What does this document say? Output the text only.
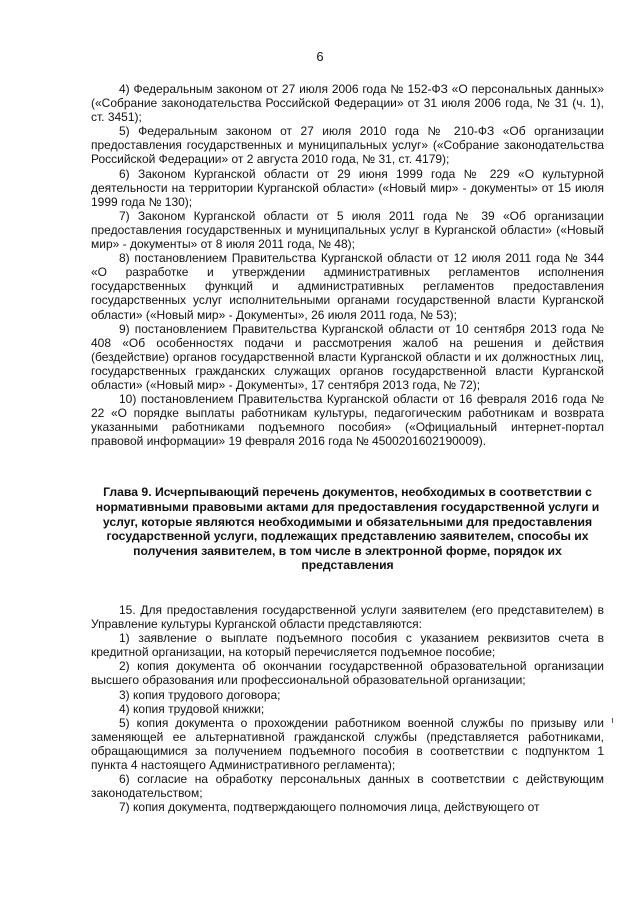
6

4) Федеральным законом от 27 июля 2006 года № 152-ФЗ «О персональных данных» («Собрание законодательства Российской Федерации» от 31 июля 2006 года, № 31 (ч. 1), ст. 3451);

5) Федеральным законом от 27 июля 2010 года № 210-ФЗ «Об организации предоставления государственных и муниципальных услуг» («Собрание законодательства Российской Федерации» от 2 августа 2010 года, № 31, ст. 4179);

6) Законом Курганской области от 29 июня 1999 года № 229 «О культурной деятельности на территории Курганской области» («Новый мир» - документы» от 15 июля 1999 года № 130);

7) Законом Курганской области от 5 июля 2011 года № 39 «Об организации предоставления государственных и муниципальных услуг в Курганской области» («Новый мир» - документы» от 8 июля 2011 года, № 48);

8) постановлением Правительства Курганской области от 12 июля 2011 года № 344 «О разработке и утверждении административных регламентов исполнения государственных функций и административных регламентов предоставления государственных услуг исполнительными органами государственной власти Курганской области» («Новый мир» - Документы», 26 июля 2011 года, № 53);

9) постановлением Правительства Курганской области от 10 сентября 2013 года № 408 «Об особенностях подачи и рассмотрения жалоб на решения и действия (бездействие) органов государственной власти Курганской области и их должностных лиц, государственных гражданских служащих органов государственной власти Курганской области» («Новый мир» - Документы», 17 сентября 2013 года, № 72);

10) постановлением Правительства Курганской области от 16 февраля 2016 года № 22 «О порядке выплаты работникам культуры, педагогическим работникам и возврата указанными работниками подъемного пособия» («Официальный интернет-портал правовой информации» 19 февраля 2016 года № 4500201602190009).

Глава 9. Исчерпывающий перечень документов, необходимых в соответствии с нормативными правовыми актами для предоставления государственной услуги и услуг, которые являются необходимыми и обязательными для предоставления государственной услуги, подлежащих представлению заявителем, способы их получения заявителем, в том числе в электронной форме, порядок их представления

15. Для предоставления государственной услуги заявителем (его представителем) в Управление культуры Курганской области представляются:

1) заявление о выплате подъемного пособия с указанием реквизитов счета в кредитной организации, на который перечисляется подъемное пособие;

2) копия документа об окончании государственной образовательной организации высшего образования или профессиональной образовательной организации;

3) копия трудового договора;

4) копия трудовой книжки;

5) копия документа о прохождении работником военной службы по призыву или заменяющей ее альтернативной гражданской службы (представляется работниками, обращающимися за получением подъемного пособия в соответствии с подпунктом 1 пункта 4 настоящего Административного регламента);

6) согласие на обработку персональных данных в соответствии с действующим законодательством;

7) копия документа, подтверждающего полномочия лица, действующего от
